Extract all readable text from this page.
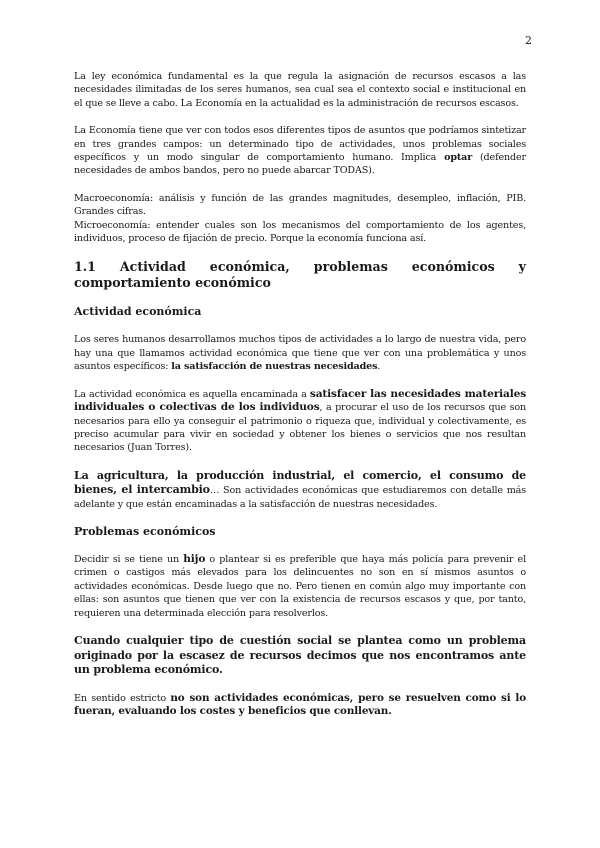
2

La ley económica fundamental es la que regula la asignación de recursos escasos a las necesidades ilimitadas de los seres humanos, sea cual sea el contexto social e institucional en el que se lleve a cabo. La Economía en la actualidad es la administración de recursos escasos.

La Economía tiene que ver con todos esos diferentes tipos de asuntos que podríamos sintetizar en tres grandes campos: un determinado tipo de actividades, unos problemas sociales específicos y un modo singular de comportamiento humano. Implica optar (defender necesidades de ambos bandos, pero no puede abarcar TODAS).

Macroeconomía: análisis y función de las grandes magnitudes, desempleo, inflación, PIB. Grandes cifras.

Microeconomía: entender cuales son los mecanismos del comportamiento de los agentes, individuos, proceso de fijación de precio. Porque la economía funciona así.

1.1 Actividad económica, problemas económicos y comportamiento económico
Actividad económica

Los seres humanos desarrollamos muchos tipos de actividades a lo largo de nuestra vida, pero hay una que llamamos actividad económica que tiene que ver con una problemática y unos asuntos específicos: la satisfacción de nuestras necesidades.

La actividad económica es aquella encaminada a satisfacer las necesidades materiales individuales o colectivas de los individuos, a procurar el uso de los recursos que son necesarios para ello ya conseguir el patrimonio o riqueza que, individual y colectivamente, es preciso acumular para vivir en sociedad y obtener los bienes o servicios que nos resultan necesarios (Juan Torres).

La agricultura, la producción industrial, el comercio, el consumo de bienes, el intercambio… Son actividades económicas que estudiaremos con detalle más adelante y que están encaminadas a la satisfacción de nuestras necesidades.

Problemas económicos

Decidir si se tiene un hijo o plantear si es preferible que haya más policía para prevenir el crimen o castigos más elevados para los delincuentes no son en sí mismos asuntos o actividades económicas. Desde luego que no. Pero tienen en común algo muy importante con ellas: son asuntos que tienen que ver con la existencia de recursos escasos y que, por tanto, requieren una determinada elección para resolverlos.

Cuando cualquier tipo de cuestión social se plantea como un problema originado por la escasez de recursos decimos que nos encontramos ante un problema económico.

En sentido estricto no son actividades económicas, pero se resuelven como si lo fueran, evaluando los costes y beneficios que conllevan.
